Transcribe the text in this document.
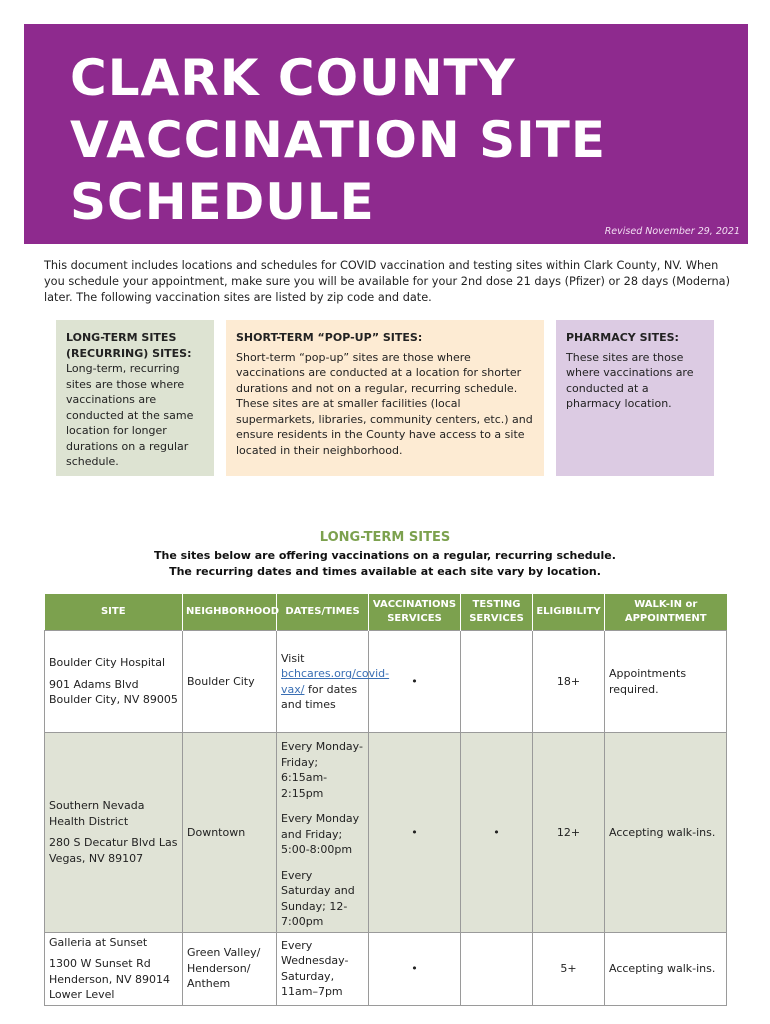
CLARK COUNTY
VACCINATION SITE
SCHEDULE
Revised November 29, 2021
This document includes locations and schedules for COVID vaccination and testing sites within Clark County, NV. When you schedule your appointment, make sure you will be available for your 2nd dose 21 days (Pfizer) or 28 days (Moderna) later. The following vaccination sites are listed by zip code and date.
LONG-TERM SITES (RECURRING) SITES:
Long-term, recurring sites are those where vaccinations are conducted at the same location for longer durations on a regular schedule.
SHORT-TERM “POP-UP” SITES:
Short-term “pop-up” sites are those where vaccinations are conducted at a location for shorter durations and not on a regular, recurring schedule. These sites are at smaller facilities (local supermarkets, libraries, community centers, etc.) and ensure residents in the County have access to a site located in their neighborhood.
PHARMACY SITES:
These sites are those where vaccinations are conducted at a pharmacy location.
LONG-TERM SITES
The sites below are offering vaccinations on a regular, recurring schedule.
The recurring dates and times available at each site vary by location.
SITE	NEIGHBORHOOD	DATES/TIMES	VACCINATIONS SERVICES	TESTING SERVICES	ELIGIBILITY	WALK-IN or APPOINTMENT

Boulder City Hospital
901 Adams Blvd Boulder City, NV 89005	Boulder City	Visit bchcares.org/covid-vax/ for dates and times	•		18+	Appointments required.

Southern Nevada Health District
280 S Decatur Blvd Las Vegas, NV 89107	Downtown	Every Monday-Friday; 6:15am-2:15pm
Every Monday and Friday; 5:00-8:00pm
Every Saturday and Sunday; 12-7:00pm	•	•	12+	Accepting walk-ins.

Galleria at Sunset
1300 W Sunset Rd Henderson, NV 89014 Lower Level	Green Valley/ Henderson/ Anthem	Every Wednesday-Saturday, 11am–7pm	•		5+	Accepting walk-ins.
